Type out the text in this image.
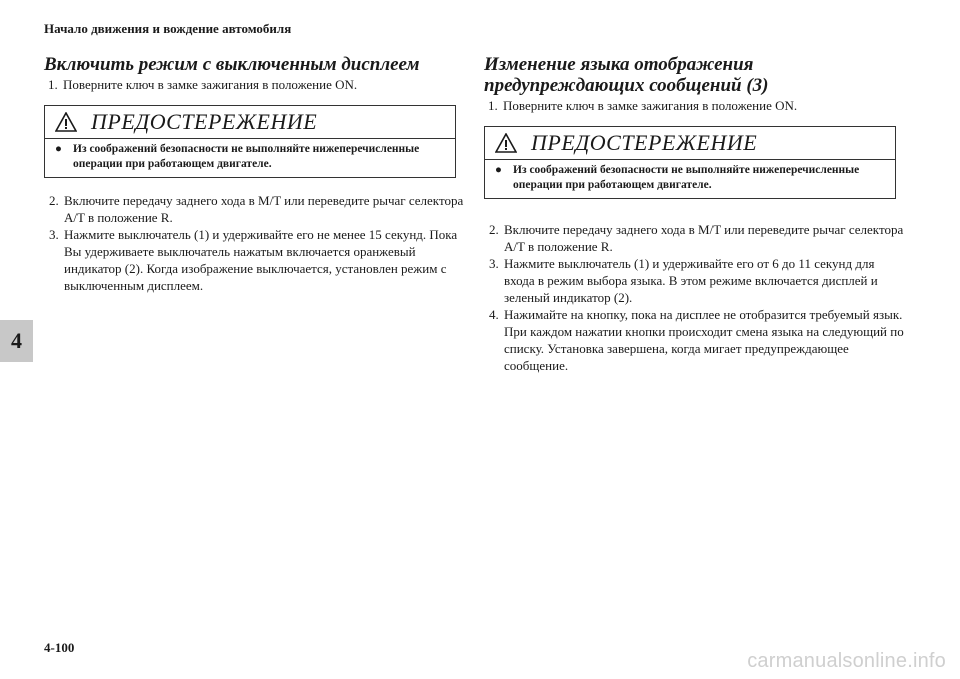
Начало движения и вождение автомобиля
4
4-100
carmanualsonline.info
Включить режим с выключенным дисплеем
1. Поверните ключ в замке зажигания в положение ON.
ПРЕДОСТЕРЕЖЕНИЕ
● Из соображений безопасности не выполняйте нижеперечисленные операции при работающем двигателе.
2. Включите передачу заднего хода в M/T или переведите рычаг селектора A/T в положение R.
3. Нажмите выключатель (1) и удерживайте его не менее 15 секунд. Пока Вы удерживаете выключатель нажатым включается оранжевый индикатор (2). Когда изображение выключается, установлен режим с выключенным дисплеем.
Изменение языка отображения предупреждающих сообщений (3)
1. Поверните ключ в замке зажигания в положение ON.
ПРЕДОСТЕРЕЖЕНИЕ
● Из соображений безопасности не выполняйте нижеперечисленные операции при работающем двигателе.
2. Включите передачу заднего хода в M/T или переведите рычаг селектора A/T в положение R.
3. Нажмите выключатель (1) и удерживайте его от 6 до 11 секунд для входа в режим выбора языка. В этом режиме включается дисплей и зеленый индикатор (2).
4. Нажимайте на кнопку, пока на дисплее не отобразится требуемый язык. При каждом нажатии кнопки происходит смена языка на следующий по списку. Установка завершена, когда мигает предупреждающее сообщение.
